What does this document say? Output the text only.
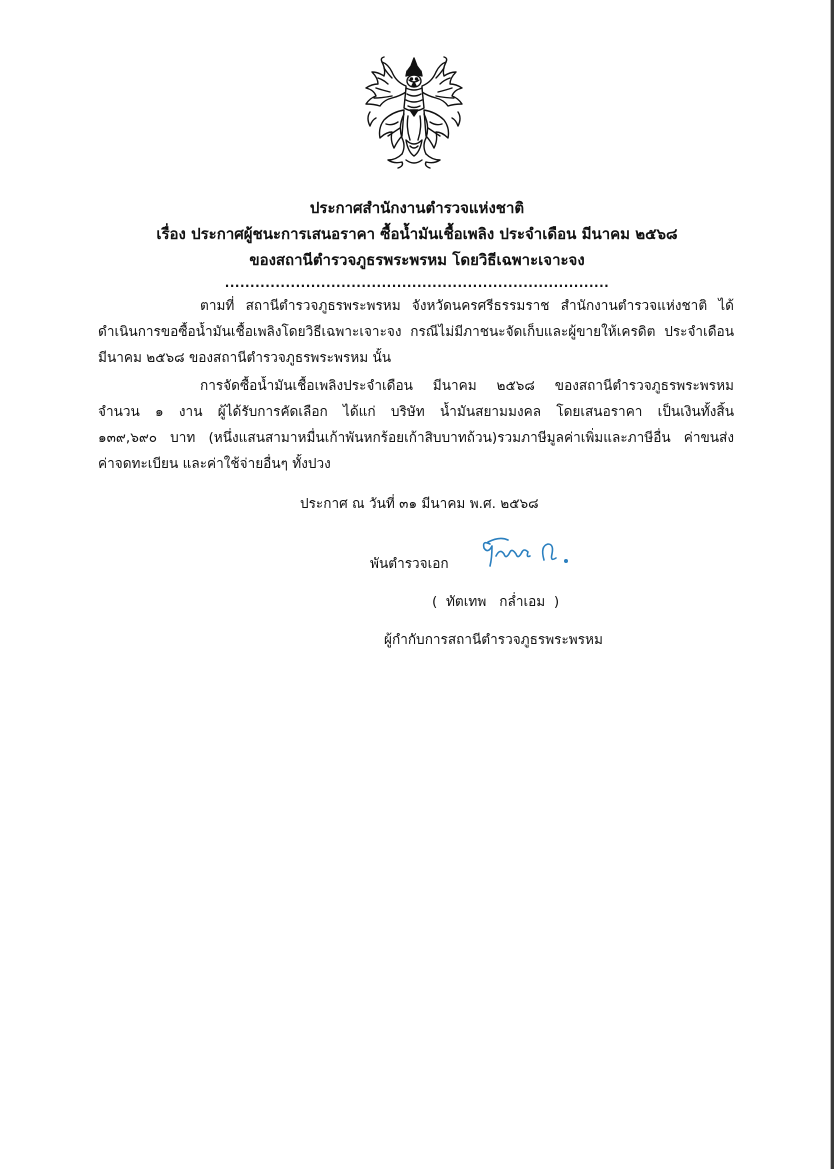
ประกาศสำนักงานตำรวจแห่งชาติ
เรื่อง ประกาศผู้ชนะการเสนอราคา ซื้อน้ำมันเชื้อเพลิง ประจำเดือน มีนาคม ๒๕๖๘
ของสถานีตำรวจภูธรพระพรหม โดยวิธีเฉพาะเจาะจง
............................................................................
ตามที่ สถานีตำรวจภูธรพระพรหม จังหวัดนครศรีธรรมราช สำนักงานตำรวจแห่งชาติ ได้
ดำเนินการขอซื้อน้ำมันเชื้อเพลิงโดยวิธีเฉพาะเจาะจง กรณีไม่มีภาชนะจัดเก็บและผู้ขายให้เครดิต ประจำเดือน
มีนาคม ๒๕๖๘ ของสถานีตำรวจภูธรพระพรหม นั้น
การจัดซื้อน้ำมันเชื้อเพลิงประจำเดือน มีนาคม ๒๕๖๘ ของสถานีตำรวจภูธรพระพรหม
จำนวน ๑ งาน ผู้ได้รับการคัดเลือก ได้แก่ บริษัท น้ำมันสยามมงคล โดยเสนอราคา เป็นเงินทั้งสิ้น
๑๓๙,๖๙๐ บาท (หนึ่งแสนสามาหมื่นเก้าพันหกร้อยเก้าสิบบาทถ้วน)รวมภาษีมูลค่าเพิ่มและภาษีอื่น ค่าขนส่ง
ค่าจดทะเบียน และค่าใช้จ่ายอื่นๆ ทั้งปวง
ประกาศ ณ วันที่ ๓๑ มีนาคม พ.ศ. ๒๕๖๘
พันตำรวจเอก
(  ทัตเทพ   กล่ำเอม  )
ผู้กำกับการสถานีตำรวจภูธรพระพรหม
